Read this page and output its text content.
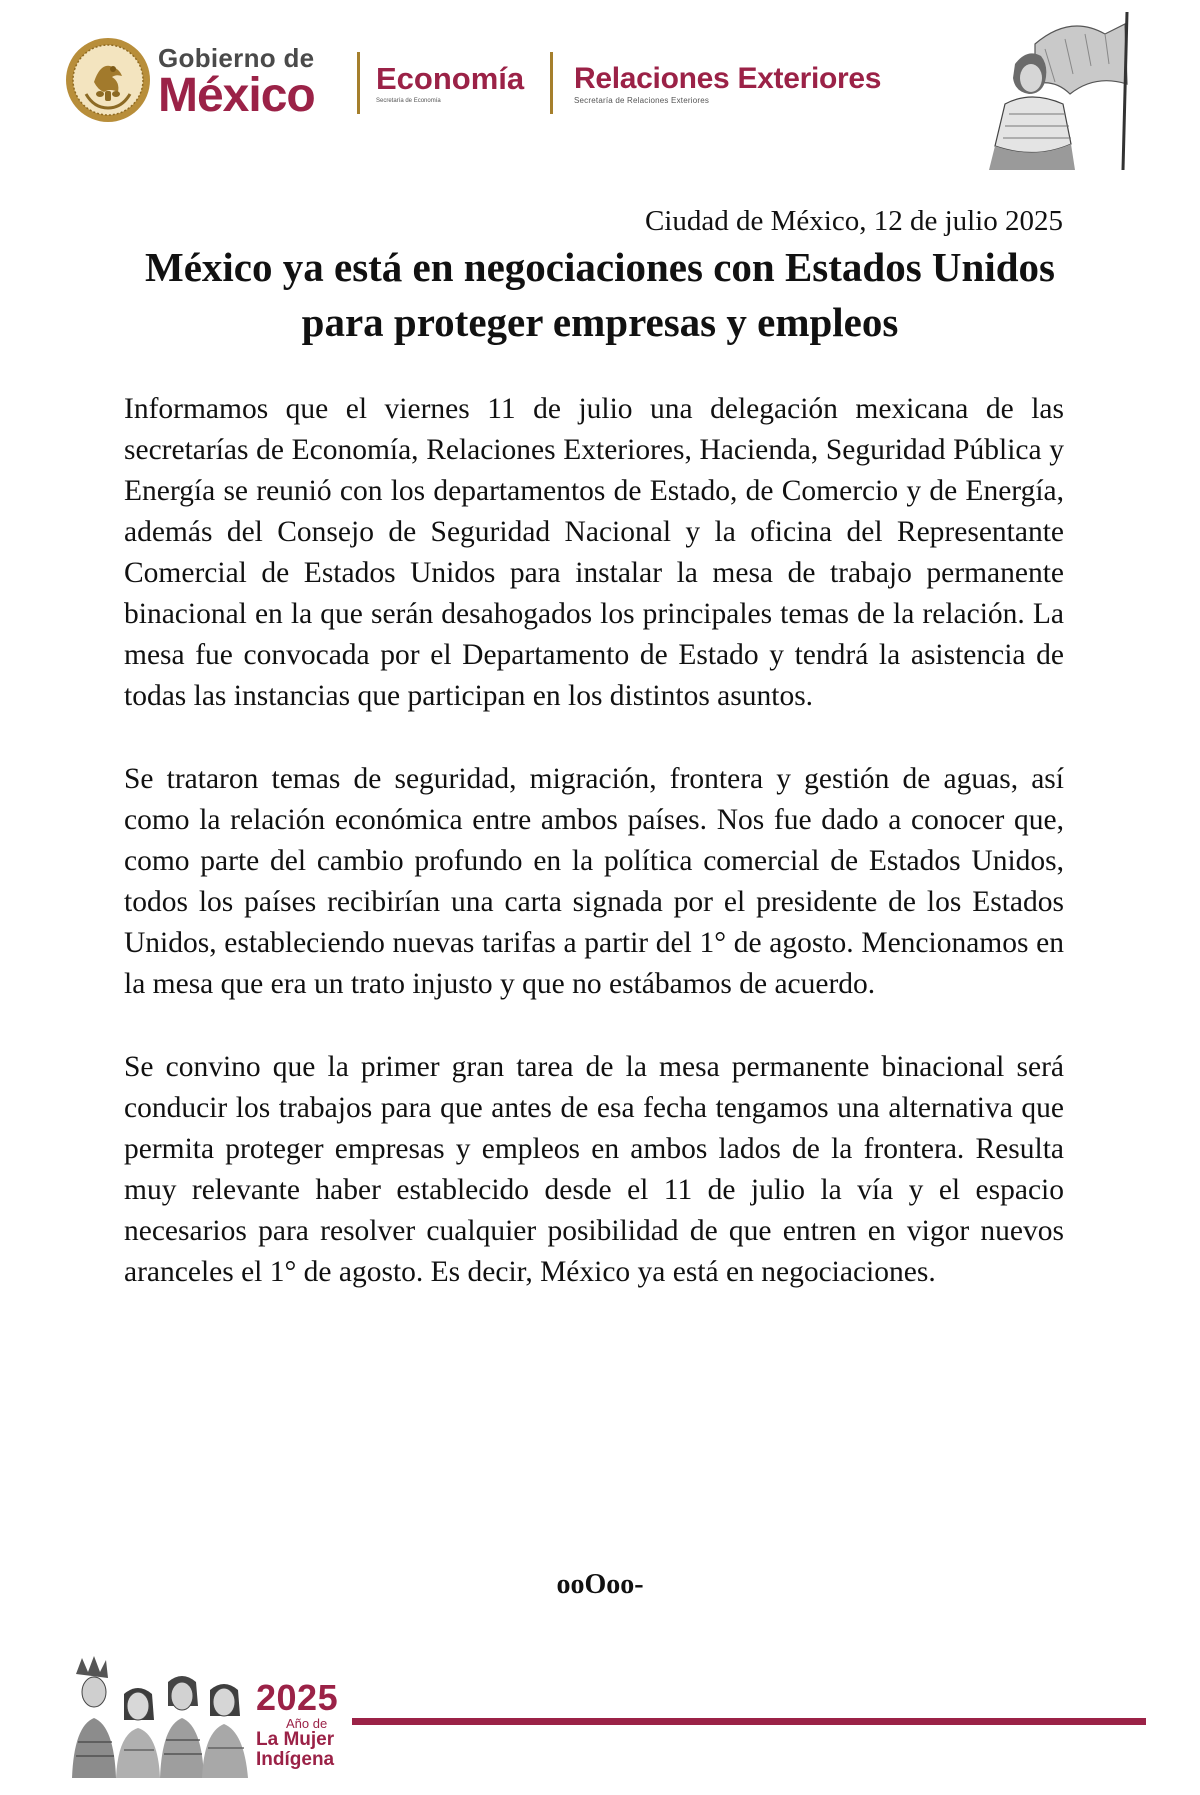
Gobierno de
México	Economía
Secretaría de Economía
Relaciones Exteriores
Secretaría de Relaciones Exteriores
Ciudad de México, 12 de julio 2025
México ya está en negociaciones con Estados Unidos para proteger empresas y empleos

Informamos que el viernes 11 de julio una delegación mexicana de las secretarías de Economía, Relaciones Exteriores, Hacienda, Seguridad Pública y Energía se reunió con los departamentos de Estado, de Comercio y de Energía, además del Consejo de Seguridad Nacional y la oficina del Representante Comercial de Estados Unidos para instalar la mesa de trabajo permanente binacional en la que serán desahogados los principales temas de la relación. La mesa fue convocada por el Departamento de Estado y tendrá la asistencia de todas las instancias que participan en los distintos asuntos.

Se trataron temas de seguridad, migración, frontera y gestión de aguas, así como la relación económica entre ambos países. Nos fue dado a conocer que, como parte del cambio profundo en la política comercial de Estados Unidos, todos los países recibirían una carta signada por el presidente de los Estados Unidos, estableciendo nuevas tarifas a partir del 1° de agosto. Mencionamos en la mesa que era un trato injusto y que no estábamos de acuerdo.

Se convino que la primer gran tarea de la mesa permanente binacional será conducir los trabajos para que antes de esa fecha tengamos una alternativa que permita proteger empresas y empleos en ambos lados de la frontera. Resulta muy relevante haber establecido desde el 11 de julio la vía y el espacio necesarios para resolver cualquier posibilidad de que entren en vigor nuevos aranceles el 1° de agosto. Es decir, México ya está en negociaciones.

ooOoo-
2025
Año de
La Mujer
Indígena
